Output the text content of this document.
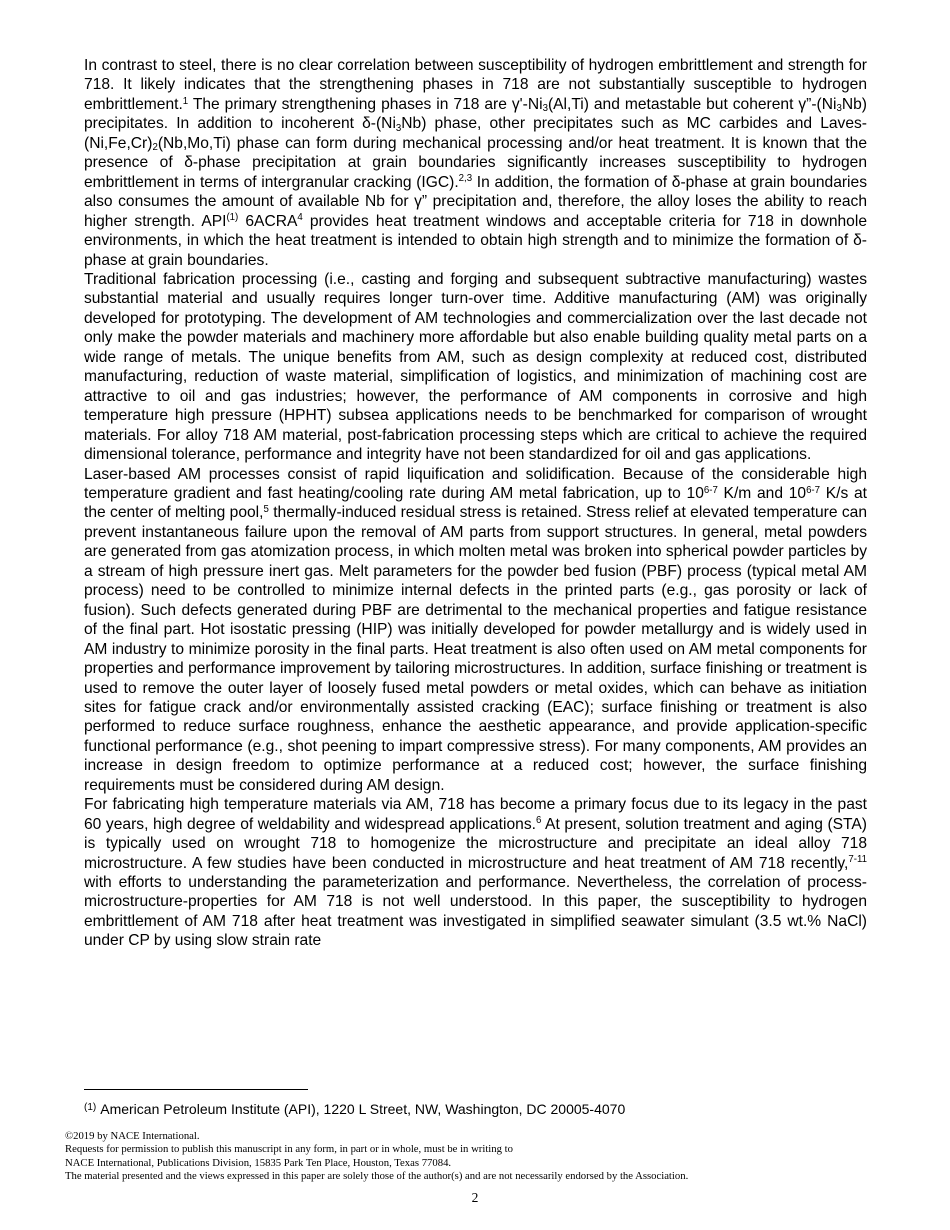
In contrast to steel, there is no clear correlation between susceptibility of hydrogen embrittlement and strength for 718. It likely indicates that the strengthening phases in 718 are not substantially susceptible to hydrogen embrittlement.$^1$ The primary strengthening phases in 718 are $\gamma'-Ni_3(Al,Ti)$ and metastable but coherent $\gamma”-(Ni_3Nb)$ precipitates. In addition to incoherent $\delta-(Ni_3Nb)$ phase, other precipitates such as MC carbides and Laves-$(Ni,Fe,Cr)_2(Nb,Mo,Ti)$ phase can form during mechanical processing and/or heat treatment. It is known that the presence of δ-phase precipitation at grain boundaries significantly increases susceptibility to hydrogen embrittlement in terms of intergranular cracking (IGC).$^{2,3}$ In addition, the formation of δ-phase at grain boundaries also consumes the amount of available Nb for γ” precipitation and, therefore, the alloy loses the ability to reach higher strength. API$^{(1)}$ 6ACRA$^4$ provides heat treatment windows and acceptable criteria for 718 in downhole environments, in which the heat treatment is intended to obtain high strength and to minimize the formation of δ-phase at grain boundaries.

Traditional fabrication processing (i.e., casting and forging and subsequent subtractive manufacturing) wastes substantial material and usually requires longer turn-over time. Additive manufacturing (AM) was originally developed for prototyping. The development of AM technologies and commercialization over the last decade not only make the powder materials and machinery more affordable but also enable building quality metal parts on a wide range of metals. The unique benefits from AM, such as design complexity at reduced cost, distributed manufacturing, reduction of waste material, simplification of logistics, and minimization of machining cost are attractive to oil and gas industries; however, the performance of AM components in corrosive and high temperature high pressure (HPHT) subsea applications needs to be benchmarked for comparison of wrought materials. For alloy 718 AM material, post-fabrication processing steps which are critical to achieve the required dimensional tolerance, performance and integrity have not been standardized for oil and gas applications.

Laser-based AM processes consist of rapid liquification and solidification. Because of the considerable high temperature gradient and fast heating/cooling rate during AM metal fabrication, up to 10$^{6-7}$ K/m and 10$^{6-7}$ K/s at the center of melting pool,$^5$ thermally-induced residual stress is retained. Stress relief at elevated temperature can prevent instantaneous failure upon the removal of AM parts from support structures. In general, metal powders are generated from gas atomization process, in which molten metal was broken into spherical powder particles by a stream of high pressure inert gas. Melt parameters for the powder bed fusion (PBF) process (typical metal AM process) need to be controlled to minimize internal defects in the printed parts (e.g., gas porosity or lack of fusion). Such defects generated during PBF are detrimental to the mechanical properties and fatigue resistance of the final part. Hot isostatic pressing (HIP) was initially developed for powder metallurgy and is widely used in AM industry to minimize porosity in the final parts. Heat treatment is also often used on AM metal components for properties and performance improvement by tailoring microstructures. In addition, surface finishing or treatment is used to remove the outer layer of loosely fused metal powders or metal oxides, which can behave as initiation sites for fatigue crack and/or environmentally assisted cracking (EAC); surface finishing or treatment is also performed to reduce surface roughness, enhance the aesthetic appearance, and provide application-specific functional performance (e.g., shot peening to impart compressive stress). For many components, AM provides an increase in design freedom to optimize performance at a reduced cost; however, the surface finishing requirements must be considered during AM design.

For fabricating high temperature materials via AM, 718 has become a primary focus due to its legacy in the past 60 years, high degree of weldability and widespread applications.$^6$ At present, solution treatment and aging (STA) is typically used on wrought 718 to homogenize the microstructure and precipitate an ideal alloy 718 microstructure. A few studies have been conducted in microstructure and heat treatment of AM 718 recently,$^{7-11}$ with efforts to understanding the parameterization and performance. Nevertheless, the correlation of process-microstructure-properties for AM 718 is not well understood. In this paper, the susceptibility to hydrogen embrittlement of AM 718 after heat treatment was investigated in simplified seawater simulant (3.5 wt.% NaCl) under CP by using slow strain rate

$^{(1)}$ American Petroleum Institute (API), 1220 L Street, NW, Washington, DC 20005-4070
©2019 by NACE International.
Requests for permission to publish this manuscript in any form, in part or in whole, must be in writing to
NACE International, Publications Division, 15835 Park Ten Place, Houston, Texas 77084.
The material presented and the views expressed in this paper are solely those of the author(s) and are not necessarily endorsed by the Association.
2
